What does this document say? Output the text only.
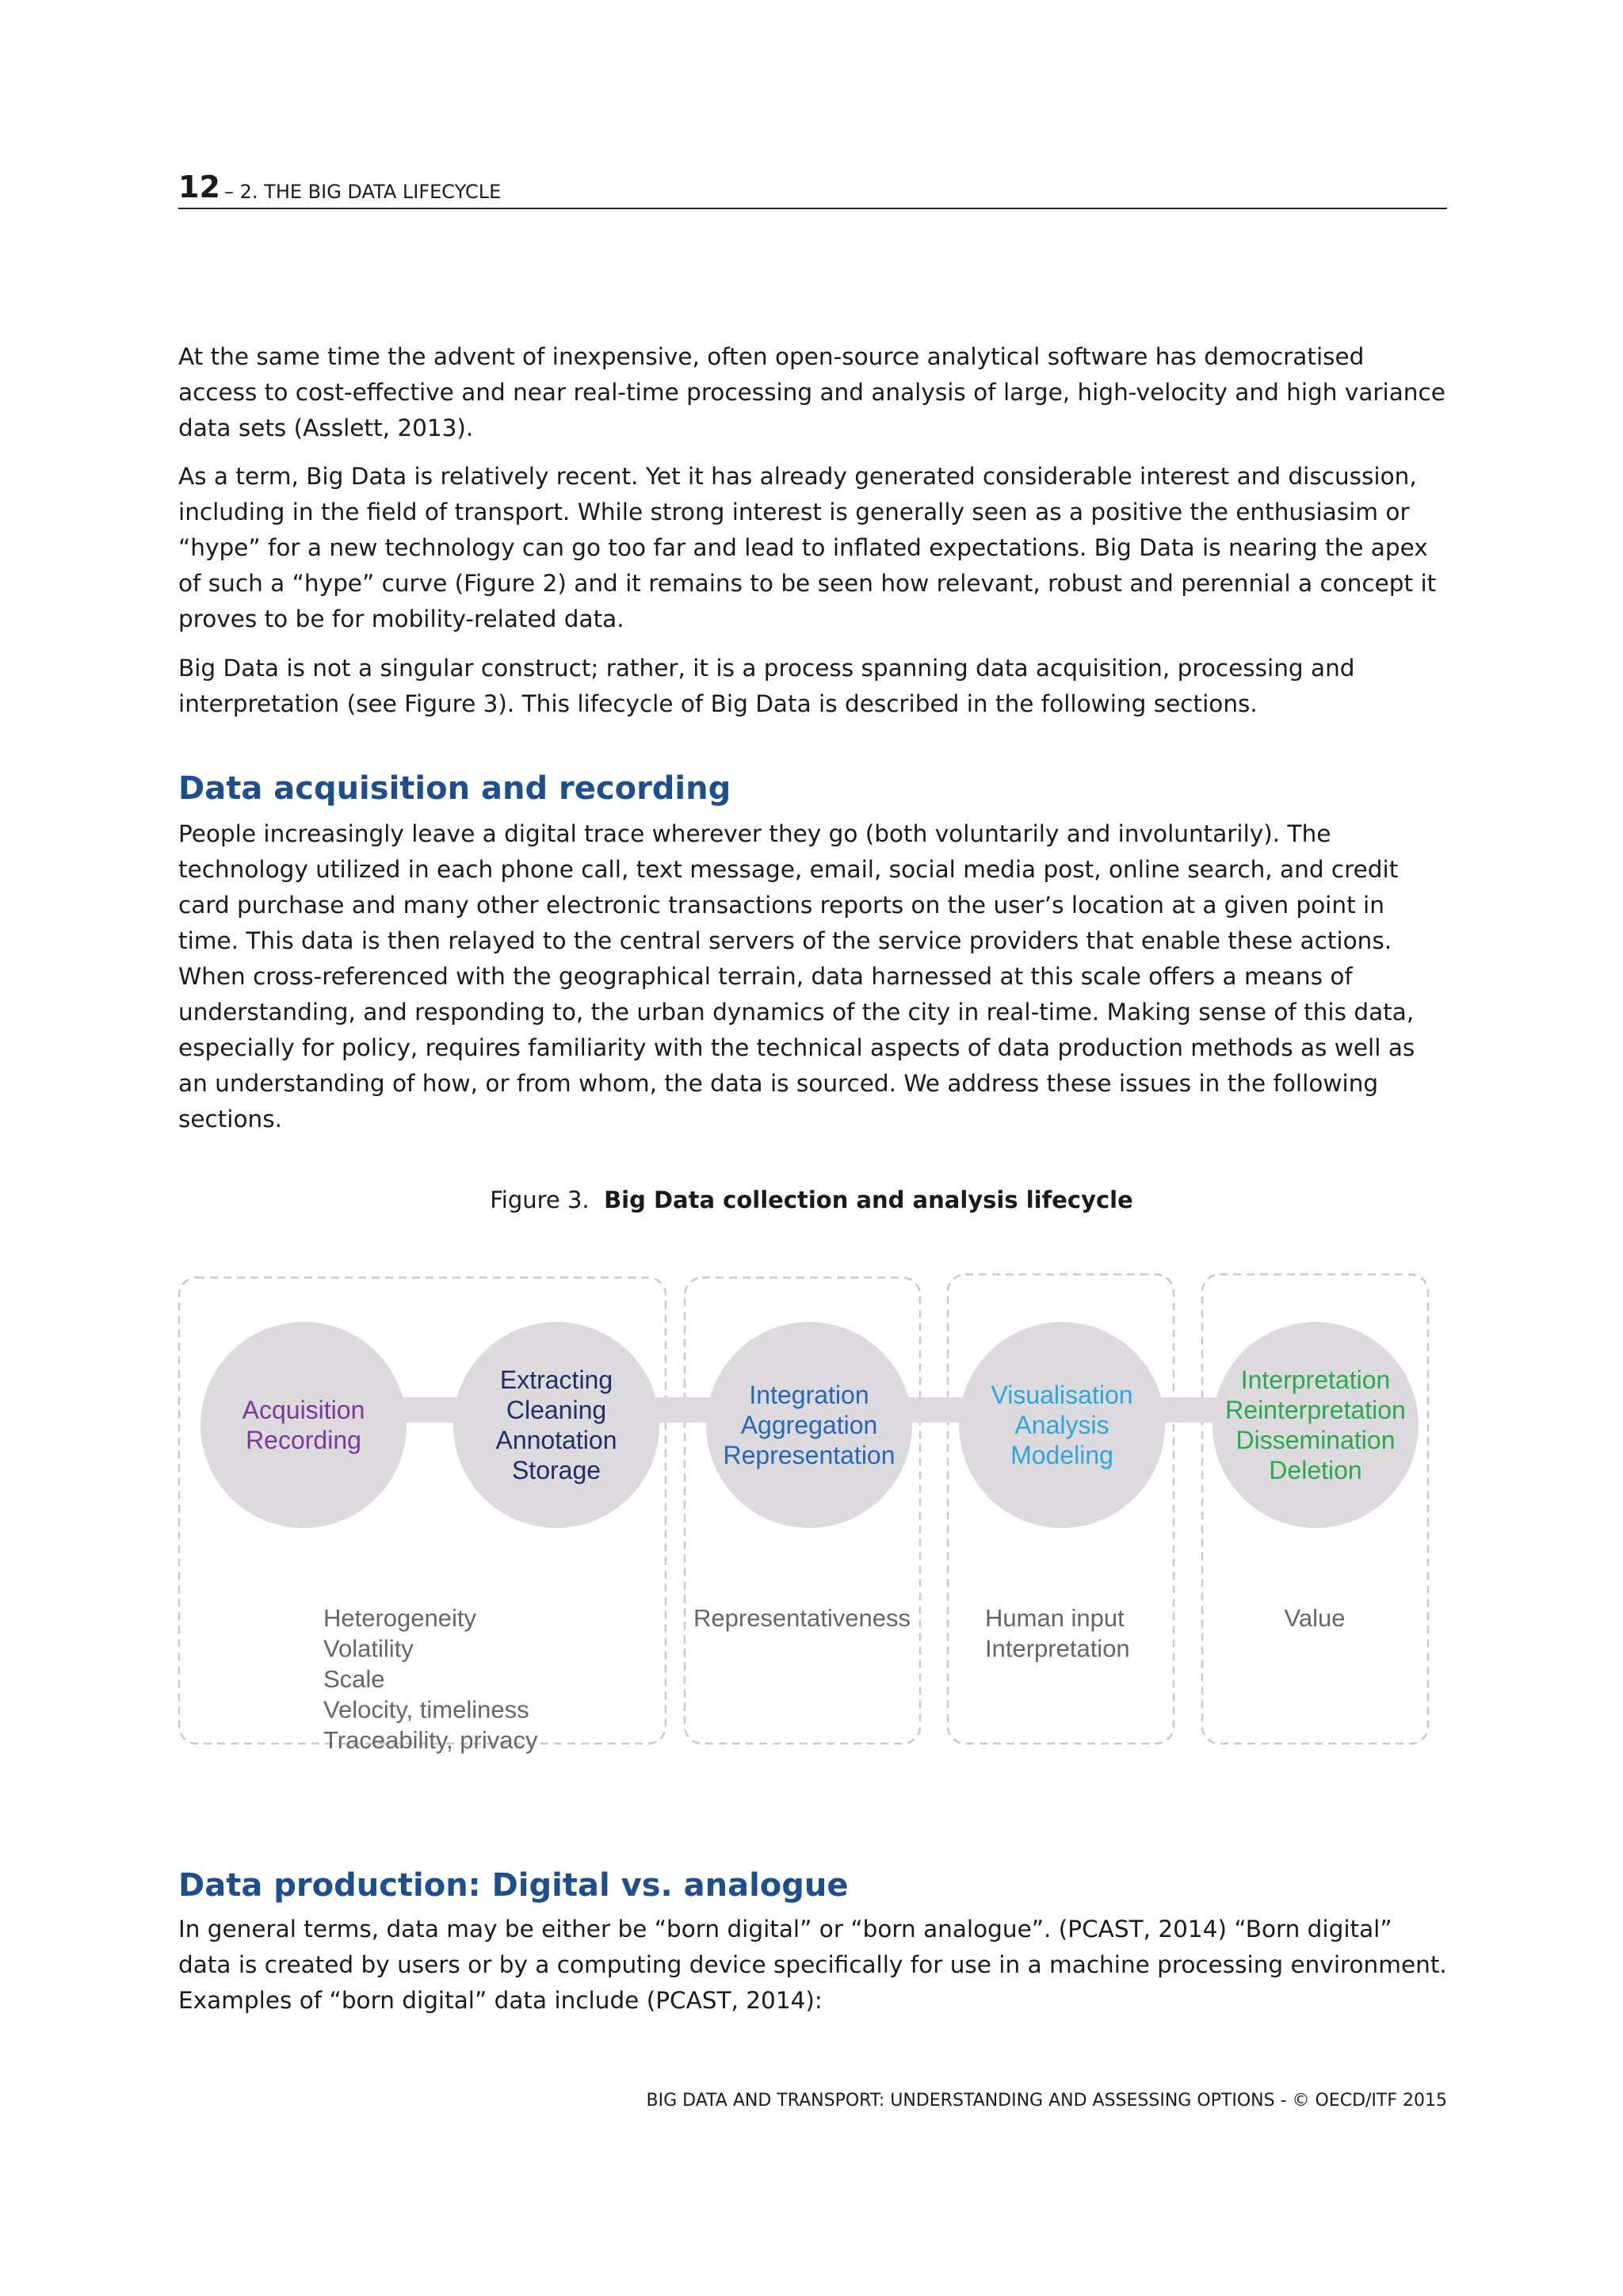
12 – 2. THE BIG DATA LIFECYCLE

At the same time the advent of inexpensive, often open-source analytical software has democratised access to cost-effective and near real-time processing and analysis of large, high-velocity and high variance data sets (Asslett, 2013).

As a term, Big Data is relatively recent. Yet it has already generated considerable interest and discussion, including in the field of transport. While strong interest is generally seen as a positive the enthusiasim or “hype” for a new technology can go too far and lead to inflated expectations. Big Data is nearing the apex of such a “hype” curve (Figure 2) and it remains to be seen how relevant, robust and perennial a concept it proves to be for mobility-related data.

Big Data is not a singular construct; rather, it is a process spanning data acquisition, processing and interpretation (see Figure 3). This lifecycle of Big Data is described in the following sections.

Data acquisition and recording

People increasingly leave a digital trace wherever they go (both voluntarily and involuntarily). The technology utilized in each phone call, text message, email, social media post, online search, and credit card purchase and many other electronic transactions reports on the user’s location at a given point in time. This data is then relayed to the central servers of the service providers that enable these actions. When cross-referenced with the geographical terrain, data harnessed at this scale offers a means of understanding, and responding to, the urban dynamics of the city in real-time. Making sense of this data, especially for policy, requires familiarity with the technical aspects of data production methods as well as an understanding of how, or from whom, the data is sourced. We address these issues in the following sections.

Figure 3. Big Data collection and analysis lifecycle
Acquisition
Recording
Extracting
Cleaning
Annotation
Storage
Integration
Aggregation
Representation
Visualisation
Analysis
Modeling
Interpretation
Reinterpretation
Dissemination
Deletion
Heterogeneity
Volatility
Scale
Velocity, timeliness
Traceability, privacy
Representativeness	Human input
Interpretation
Value
Data production: Digital vs. analogue

In general terms, data may be either be “born digital” or “born analogue”. (PCAST, 2014) “Born digital” data is created by users or by a computing device specifically for use in a machine processing environment. Examples of “born digital” data include (PCAST, 2014):

BIG DATA AND TRANSPORT: UNDERSTANDING AND ASSESSING OPTIONS - © OECD/ITF 2015
